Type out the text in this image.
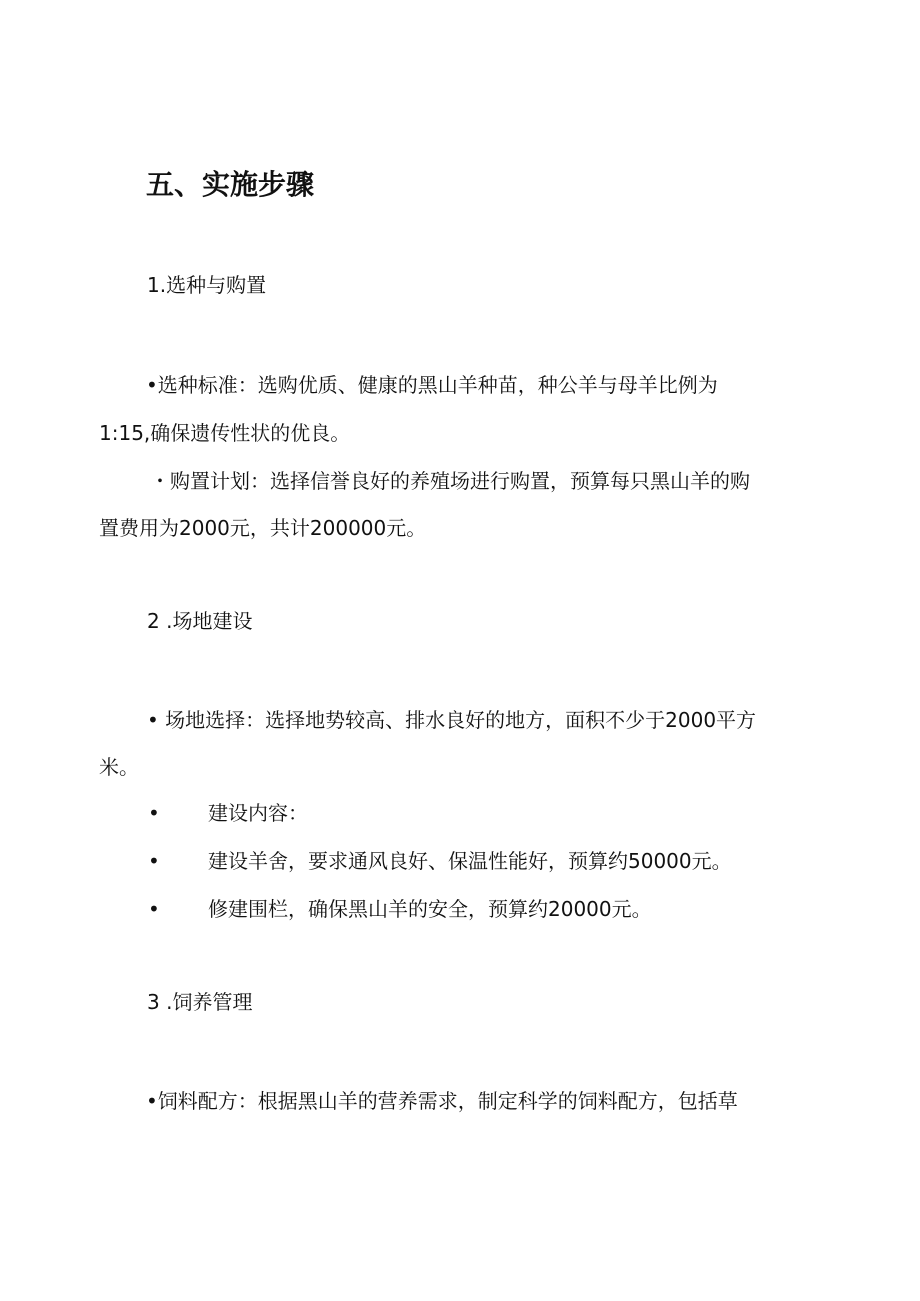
五、实施步骤
1.选种与购置
•选种标准：选购优质、健康的黑山羊种苗，种公羊与母羊比例为
1:15,确保遗传性状的优良。
・购置计划：选择信誉良好的养殖场进行购置，预算每只黑山羊的购
置费用为2000元，共计200000元。
2 .场地建设
• 场地选择：选择地势较高、排水良好的地方，面积不少于2000平方
米。
• 建设内容：
• 建设羊舍，要求通风良好、保温性能好，预算约50000元。
• 修建围栏，确保黑山羊的安全，预算约20000元。
3 .饲养管理
•饲料配方：根据黑山羊的营养需求，制定科学的饲料配方，包括草
